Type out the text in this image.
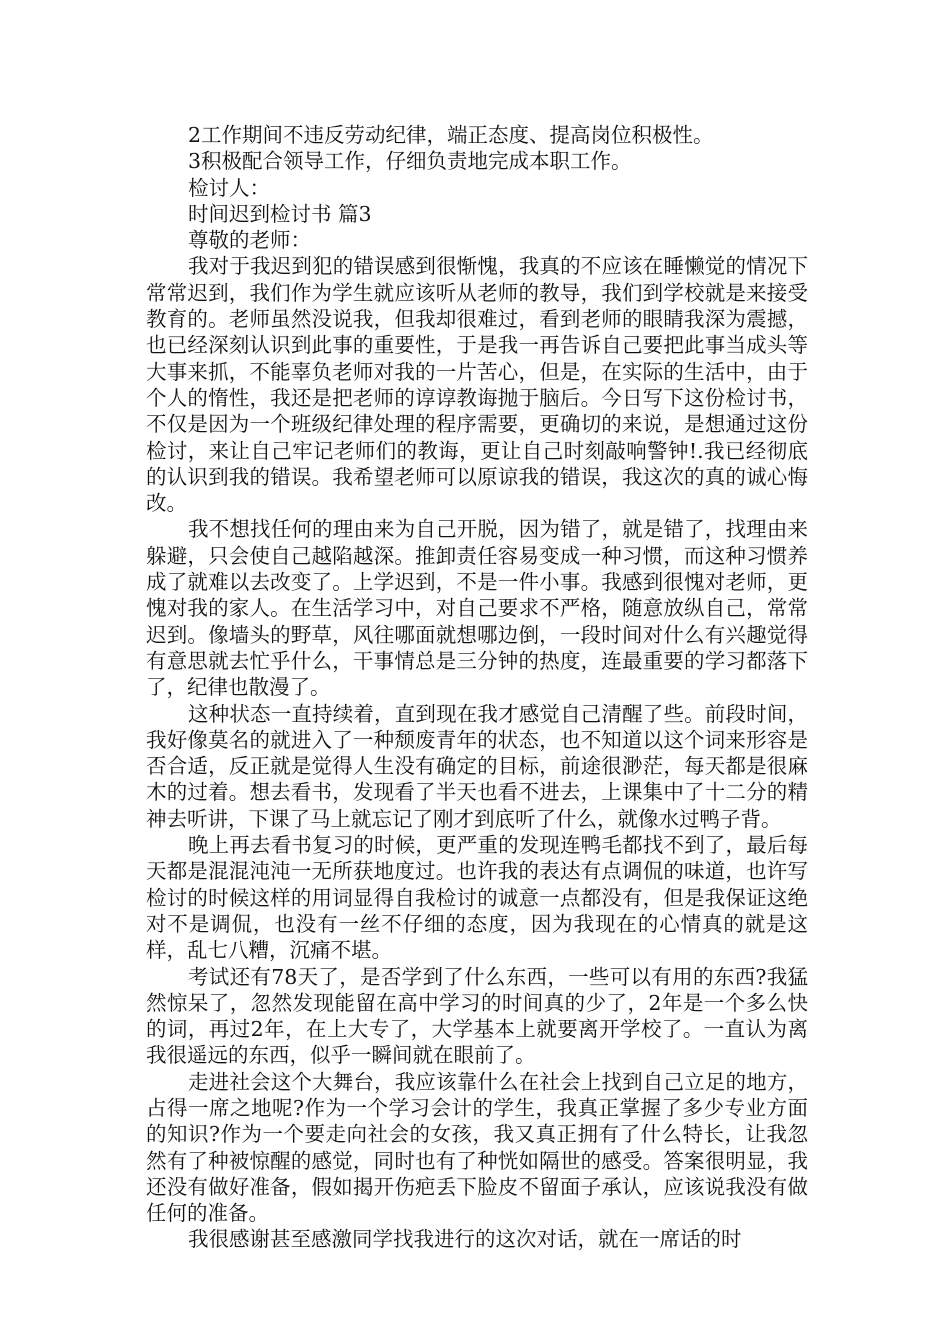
2工作期间不违反劳动纪律，端正态度、提高岗位积极性。

3积极配合领导工作，仔细负责地完成本职工作。

检讨人：

时间迟到检讨书 篇3

尊敬的老师：

我对于我迟到犯的错误感到很惭愧，我真的不应该在睡懒觉的情况下常常迟到，我们作为学生就应该听从老师的教导，我们到学校就是来接受教育的。老师虽然没说我，但我却很难过，看到老师的眼睛我深为震撼，也已经深刻认识到此事的重要性，于是我一再告诉自己要把此事当成头等大事来抓，不能辜负老师对我的一片苦心，但是，在实际的生活中，由于个人的惰性，我还是把老师的谆谆教诲抛于脑后。今日写下这份检讨书，不仅是因为一个班级纪律处理的程序需要，更确切的来说，是想通过这份检讨，来让自己牢记老师们的教诲，更让自己时刻敲响警钟!.我已经彻底的认识到我的错误。我希望老师可以原谅我的错误，我这次的真的诚心悔改。

我不想找任何的理由来为自己开脱，因为错了，就是错了，找理由来躲避，只会使自己越陷越深。推卸责任容易变成一种习惯，而这种习惯养成了就难以去改变了。上学迟到，不是一件小事。我感到很愧对老师，更愧对我的家人。在生活学习中，对自己要求不严格，随意放纵自己，常常迟到。像墙头的野草，风往哪面就想哪边倒，一段时间对什么有兴趣觉得有意思就去忙乎什么，干事情总是三分钟的热度，连最重要的学习都落下了，纪律也散漫了。

这种状态一直持续着，直到现在我才感觉自己清醒了些。前段时间，我好像莫名的就进入了一种颓废青年的状态，也不知道以这个词来形容是否合适，反正就是觉得人生没有确定的目标，前途很渺茫，每天都是很麻木的过着。想去看书，发现看了半天也看不进去，上课集中了十二分的精神去听讲，下课了马上就忘记了刚才到底听了什么，就像水过鸭子背。

晚上再去看书复习的时候，更严重的发现连鸭毛都找不到了，最后每天都是混混沌沌一无所获地度过。也许我的表达有点调侃的味道，也许写检讨的时候这样的用词显得自我检讨的诚意一点都没有，但是我保证这绝对不是调侃，也没有一丝不仔细的态度，因为我现在的心情真的就是这样，乱七八糟，沉痛不堪。

考试还有78天了，是否学到了什么东西，一些可以有用的东西?我猛然惊呆了，忽然发现能留在高中学习的时间真的少了，2年是一个多么快的词，再过2年，在上大专了，大学基本上就要离开学校了。一直认为离我很遥远的东西，似乎一瞬间就在眼前了。

走进社会这个大舞台，我应该靠什么在社会上找到自己立足的地方，占得一席之地呢?作为一个学习会计的学生，我真正掌握了多少专业方面的知识?作为一个要走向社会的女孩，我又真正拥有了什么特长，让我忽然有了种被惊醒的感觉，同时也有了种恍如隔世的感受。答案很明显，我还没有做好准备，假如揭开伤疤丢下脸皮不留面子承认，应该说我没有做任何的准备。

我很感谢甚至感激同学找我进行的这次对话，就在一席话的时
